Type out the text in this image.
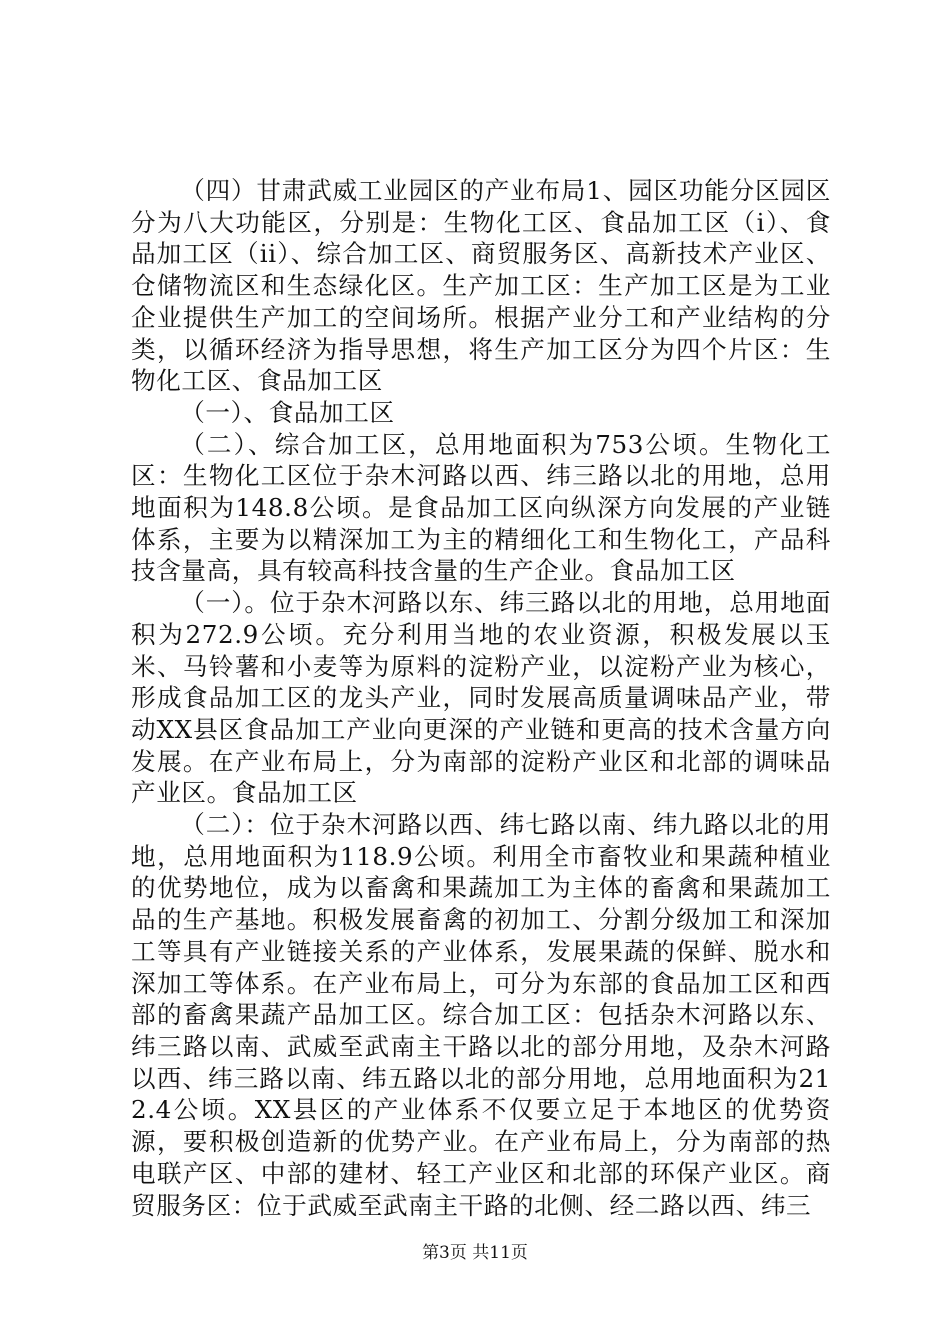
（四）甘肃武威工业园区的产业布局1、园区功能分区园区分为八大功能区，分别是：生物化工区、食品加工区（i）、食品加工区（ii）、综合加工区、商贸服务区、高新技术产业区、仓储物流区和生态绿化区。生产加工区：生产加工区是为工业企业提供生产加工的空间场所。根据产业分工和产业结构的分类，以循环经济为指导思想，将生产加工区分为四个片区：生物化工区、食品加工区

（一）、食品加工区

（二）、综合加工区，总用地面积为753公顷。生物化工区：生物化工区位于杂木河路以西、纬三路以北的用地，总用地面积为148.8公顷。是食品加工区向纵深方向发展的产业链体系，主要为以精深加工为主的精细化工和生物化工，产品科技含量高，具有较高科技含量的生产企业。食品加工区

（一）。位于杂木河路以东、纬三路以北的用地，总用地面积为272.9公顷。充分利用当地的农业资源，积极发展以玉米、马铃薯和小麦等为原料的淀粉产业，以淀粉产业为核心，形成食品加工区的龙头产业，同时发展高质量调味品产业，带动XX县区食品加工产业向更深的产业链和更高的技术含量方向发展。在产业布局上，分为南部的淀粉产业区和北部的调味品产业区。食品加工区

（二）：位于杂木河路以西、纬七路以南、纬九路以北的用地，总用地面积为118.9公顷。利用全市畜牧业和果蔬种植业的优势地位，成为以畜禽和果蔬加工为主体的畜禽和果蔬加工品的生产基地。积极发展畜禽的初加工、分割分级加工和深加工等具有产业链接关系的产业体系，发展果蔬的保鲜、脱水和深加工等体系。在产业布局上，可分为东部的食品加工区和西部的畜禽果蔬产品加工区。综合加工区：包括杂木河路以东、纬三路以南、武威至武南主干路以北的部分用地，及杂木河路以西、纬三路以南、纬五路以北的部分用地，总用地面积为212.4公顷。XX县区的产业体系不仅要立足于本地区的优势资源，要积极创造新的优势产业。在产业布局上，分为南部的热电联产区、中部的建材、轻工产业区和北部的环保产业区。商贸服务区：位于武威至武南主干路的北侧、经二路以西、纬三

第3页 共11页
